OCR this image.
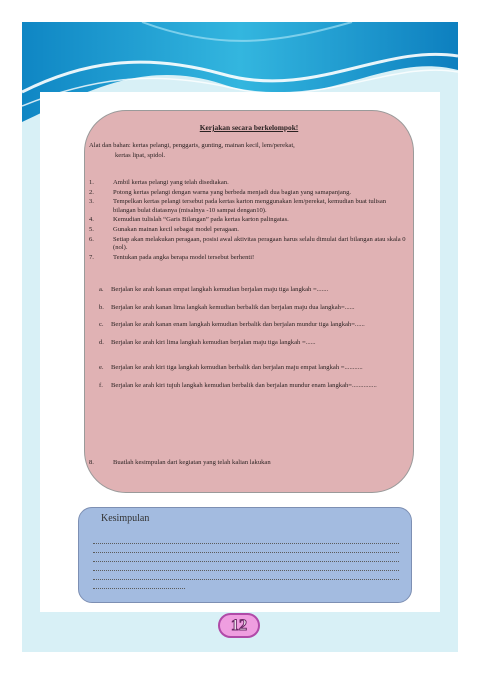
Kerjakan secara berkelompok!
Alat dan bahan: kertas pelangi, penggaris, gunting, mainan kecil, lem/perekat,
kertas lipat, spidol.
1.	Ambil kertas pelangi yang telah disediakan.
2.	Potong kertas pelangi dengan warna yang berbeda menjadi dua bagian yang samapanjang.
3.	Tempelkan kertas pelangi tersebut pada kertas karton menggunakan lem/perekat, kemudian buat tulisan bilangan bulat diatasnya (misalnya -10 sampai dengan10).
4.	Kemudian tulislah “Garis Bilangan” pada kertas karton palingatas.
5.	Gunakan mainan kecil sebagai model peragaan.
6.	Setiap akan melakukan peragaan, posisi awal aktivitas peragaan harus selalu dimulai dari bilangan atau skala 0 (nol).
7.	Tentukan pada angka berapa model tersebut berhenti!
a. Berjalan ke arah kanan empat langkah kemudian berjalan maju tiga langkah =.......
b. Berjalan ke arah kanan lima langkah kemudian berbalik dan berjalan maju dua langkah=......
c. Berjalan ke arah kanan enam langkah kemudian berbalik dan berjalan mundur tiga langkah=......
d. Berjalan ke arah kiri lima langkah kemudian berjalan maju tiga langkah =......
e. Berjalan ke arah kiri tiga langkah kemudian berbalik dan berjalan maju empat langkah =...........
f. Berjalan ke arah kiri tujuh langkah kemudian berbalik dan berjalan mundur enam langkah=...............
8.	Buatlah kesimpulan dari kegiatan yang telah kalian lakukan
Kesimpulan
12
